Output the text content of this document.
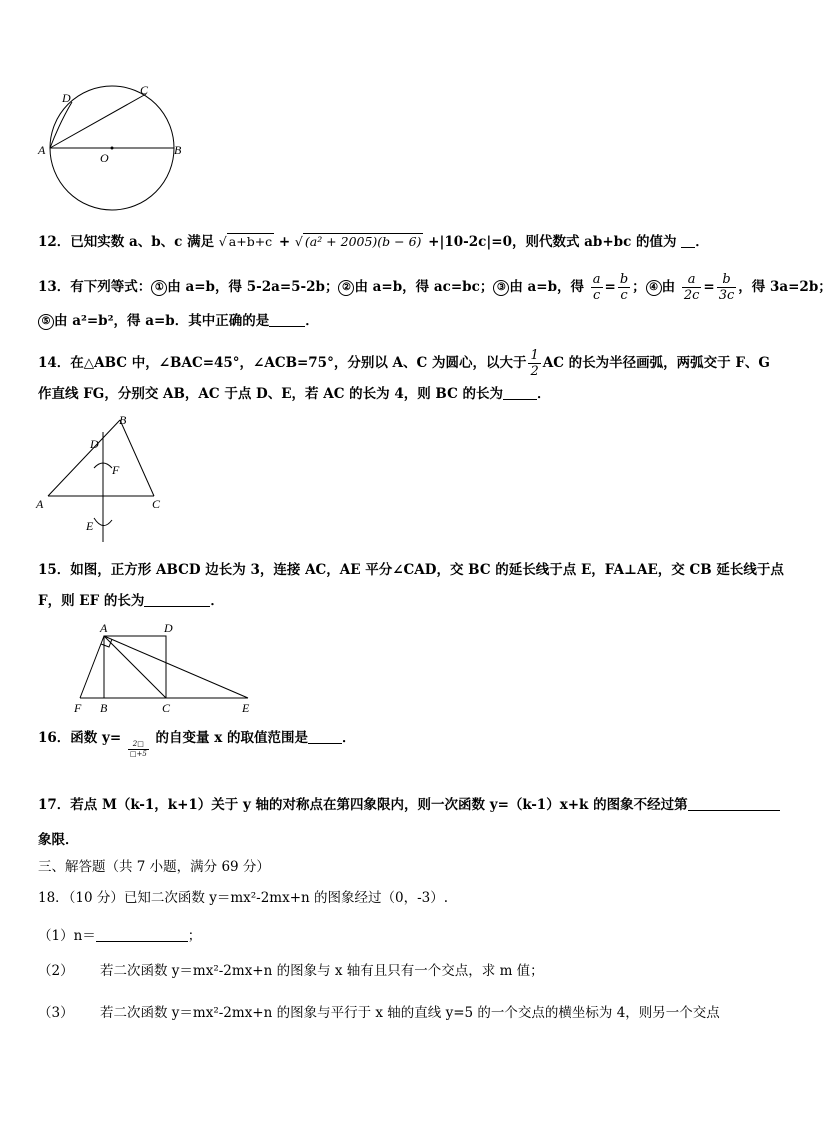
A	B
C
D
O
12．已知实数 a、b、c 满足 √ a+b+c + √ (a² + 2005)(b − 6) +|10-2c|=0，则代数式 ab+bc 的值为 ．
13．有下列等式： ① 由 a=b，得 5-2a=5-2b； ② 由 a=b，得 ac=bc； ③ 由 a=b，得 $\frac{a}{c} = \frac{b}{c}$ ； ④ 由 $\frac{a}{2c} = \frac{b}{3c}$ ，得 3a=2b；
⑤ 由 a²=b²，得 a=b．其中正确的是	．
14．在△ABC 中，∠BAC=45°，∠ACB=75°，分别以 A、C 为圆心，以大于 $\frac{1}{2}$ AC 的长为半径画弧，两弧交于 F、G
作直线 FG，分别交 AB，AC 于点 D、E，若 AC 的长为 4，则 BC 的长为	．
A
B
C
D
E
F
15．如图，正方形 ABCD 边长为 3，连接 AC，AE 平分∠CAD，交 BC 的延长线于点 E，FA⊥AE，交 CB 延长线于点
F，则 EF 的长为	．
A	D
F B	C	E
16．函数 y=
$\frac{2□}{□+5}$
的自变量 x 的取值范围是	．
17．若点 M（k-1，k+1）关于 y 轴的对称点在第四象限内，则一次函数 y=（k-1）x+k 的图象不经过第
象限．
三、解答题（共 7 小题，满分 69 分）
18．（10 分）已知二次函数 y＝mx²-2mx+n 的图象经过（0，-3）.
（1）n＝	；
（2） 若二次函数 y＝mx²-2mx+n 的图象与 x 轴有且只有一个交点，求 m 值；
（3） 若二次函数 y＝mx²-2mx+n 的图象与平行于 x 轴的直线 y=5 的一个交点的横坐标为 4，则另一个交点
